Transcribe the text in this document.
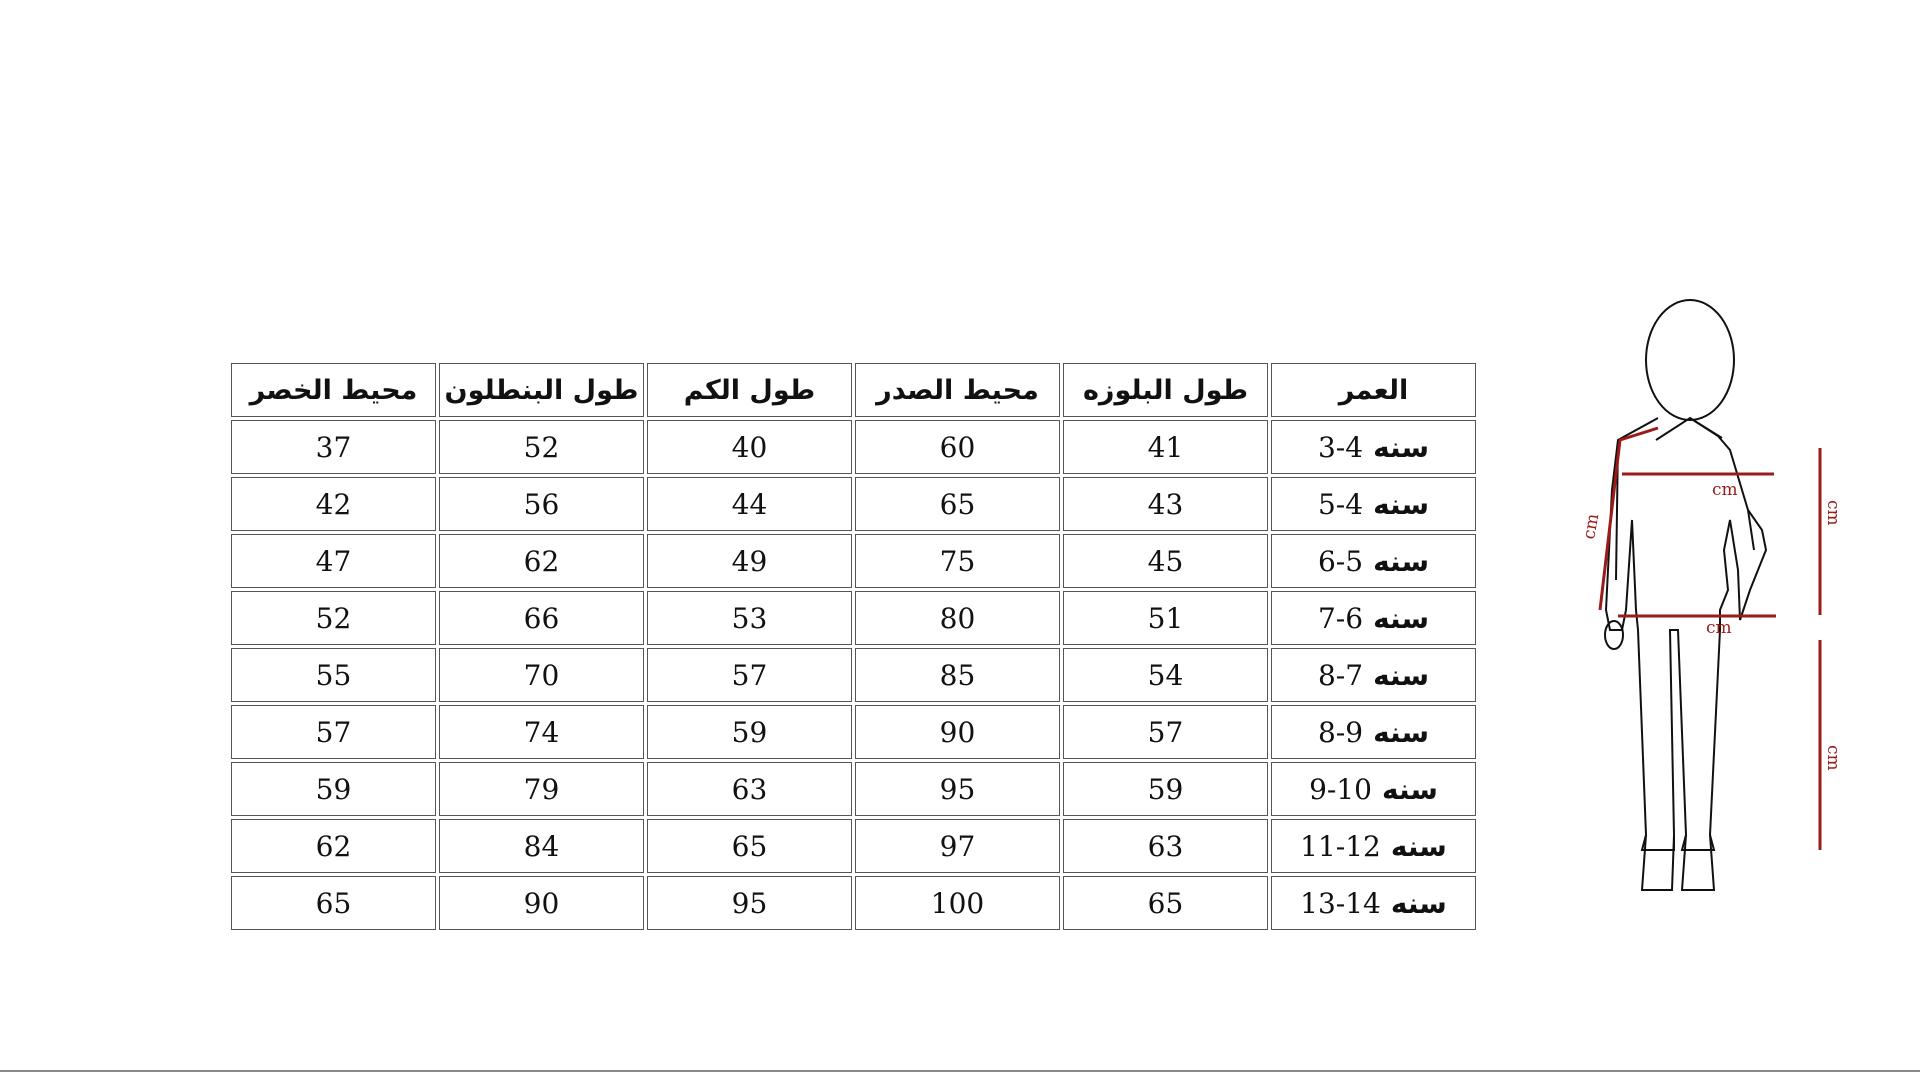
محيط الخصر	طول البنطلون	طول الكم	محيط الصدر	طول البلوزه	العمر
37	52	40	60	41	سنه3-4
42	56	44	65	43	سنه5-4
47	62	49	75	45	سنه6-5
52	66	53	80	51	سنه7-6
55	70	57	85	54	سنه8-7
57	74	59	90	57	سنه8-9
59	79	63	95	59	سنه9-10
62	84	65	97	63	سنه11-12
65	90	95	100	65	سنه13-14
cm
cm
cm
cm
cm
